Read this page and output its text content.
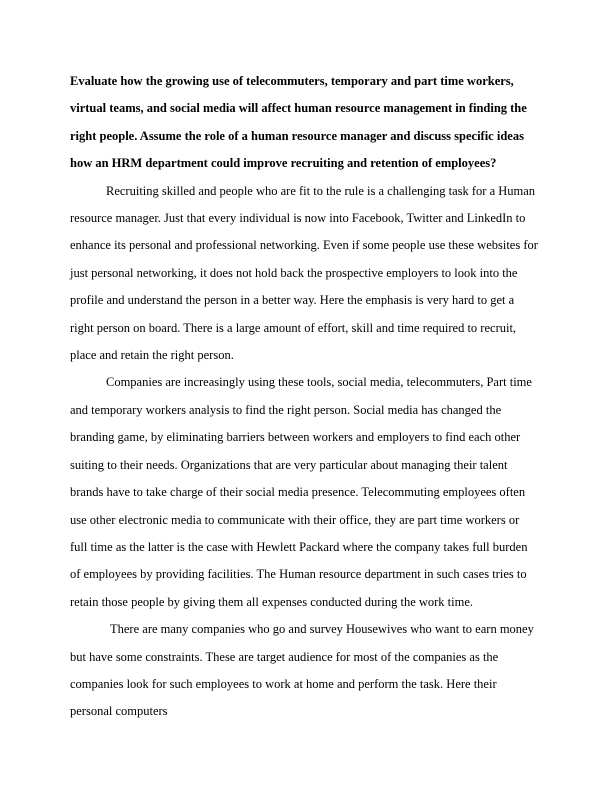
Evaluate how the growing use of telecommuters, temporary and part time workers, virtual teams, and social media will affect human resource management in finding the right people. Assume the role of a human resource manager and discuss specific ideas how an HRM department could improve recruiting and retention of employees?

Recruiting skilled and people who are fit to the rule is a challenging task for a Human resource manager. Just that every individual is now into Facebook, Twitter and LinkedIn to enhance its personal and professional networking. Even if some people use these websites for just personal networking, it does not hold back the prospective employers to look into the profile and understand the person in a better way. Here the emphasis is very hard to get a right person on board. There is a large amount of effort, skill and time required to recruit, place and retain the right person.

Companies are increasingly using these tools, social media, telecommuters, Part time and temporary workers analysis to find the right person. Social media has changed the branding game, by eliminating barriers between workers and employers to find each other suiting to their needs. Organizations that are very particular about managing their talent brands have to take charge of their social media presence. Telecommuting employees often use other electronic media to communicate with their office, they are part time workers or full time as the latter is the case with Hewlett Packard where the company takes full burden of employees by providing facilities. The Human resource department in such cases tries to retain those people by giving them all expenses conducted during the work time.

There are many companies who go and survey Housewives who want to earn money but have some constraints. These are target audience for most of the companies as the companies look for such employees to work at home and perform the task. Here their personal computers
